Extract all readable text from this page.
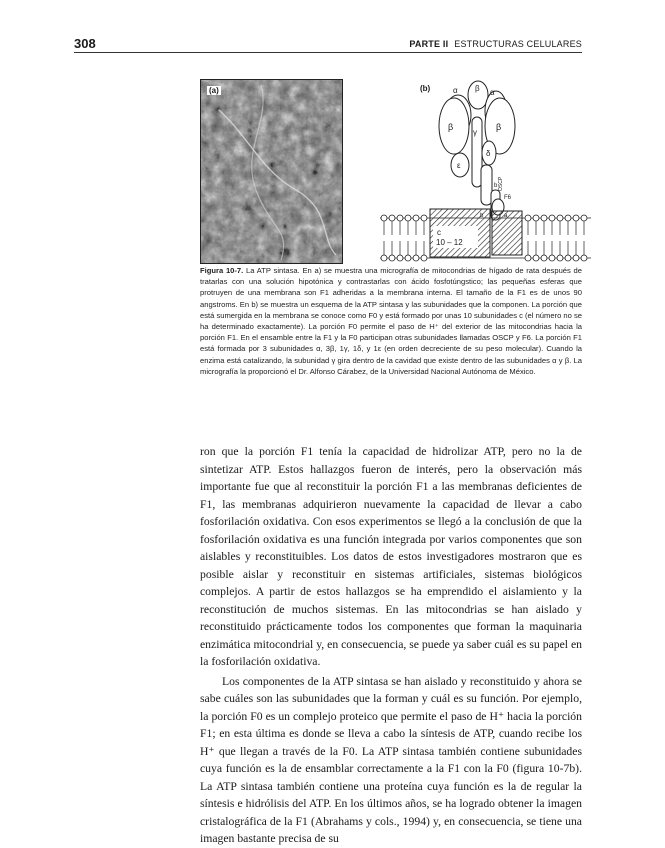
308	PARTE II ESTRUCTURAS CELULARES
(a)	(b)	α β α
β	β
γ
ε
δ
OSCP
F6
b
b	a
c
10 – 12
Figura 10-7. La ATP sintasa. En a) se muestra una micrografía de mitocondrias de hígado de rata después de tratarlas con una solución hipotónica y contrastarlas con ácido fosfotúngstico; las pequeñas esferas que protruyen de una membrana son F1 adheridas a la membrana interna. El tamaño de la F1 es de unos 90 angstroms. En b) se muestra un esquema de la ATP sintasa y las subunidades que la componen. La porción que está sumergida en la membrana se conoce como F0 y está formado por unas 10 subunidades c (el número no se ha determinado exactamente). La porción F0 permite el paso de H⁺ del exterior de las mitocondrias hacia la porción F1. En el ensamble entre la F1 y la F0 participan otras subunidades llamadas OSCP y F6. La porción F1 está formada por 3 subunidades α, 3β, 1γ, 1δ, y 1ε (en orden decreciente de su peso molecular). Cuando la enzima está catalizando, la subunidad γ gira dentro de la cavidad que existe dentro de las subunidades α y β. La micrografía la proporcionó el Dr. Alfonso Cárabez, de la Universidad Nacional Autónoma de México.

ron que la porción F1 tenía la capacidad de hidrolizar ATP, pero no la de sintetizar ATP. Estos hallazgos fueron de interés, pero la observación más importante fue que al reconstituir la porción F1 a las membranas deficientes de F1, las membranas adquirieron nuevamente la capacidad de llevar a cabo fosforilación oxidativa. Con esos experimentos se llegó a la conclusión de que la fosforilación oxidativa es una función integrada por varios componentes que son aislables y reconstituibles. Los datos de estos investigadores mostraron que es posible aislar y reconstituir en sistemas artificiales, sistemas biológicos complejos. A partir de estos hallazgos se ha emprendido el aislamiento y la reconstitución de muchos sistemas. En las mitocondrias se han aislado y reconstituido prácticamente todos los componentes que forman la maquinaria enzimática mitocondrial y, en consecuencia, se puede ya saber cuál es su papel en la fosforilación oxidativa.

Los componentes de la ATP sintasa se han aislado y reconstituido y ahora se sabe cuáles son las subunidades que la forman y cuál es su función. Por ejemplo, la porción F0 es un complejo proteico que permite el paso de H⁺ hacia la porción F1; en esta última es donde se lleva a cabo la síntesis de ATP, cuando recibe los H⁺ que llegan a través de la F0. La ATP sintasa también contiene subunidades cuya función es la de ensamblar correctamente a la F1 con la F0 (figura 10-7b). La ATP sintasa también contiene una proteína cuya función es la de regular la síntesis e hidrólisis del ATP. En los últimos años, se ha logrado obtener la imagen cristalográfica de la F1 (Abrahams y cols., 1994) y, en consecuencia, se tiene una imagen bastante precisa de su
